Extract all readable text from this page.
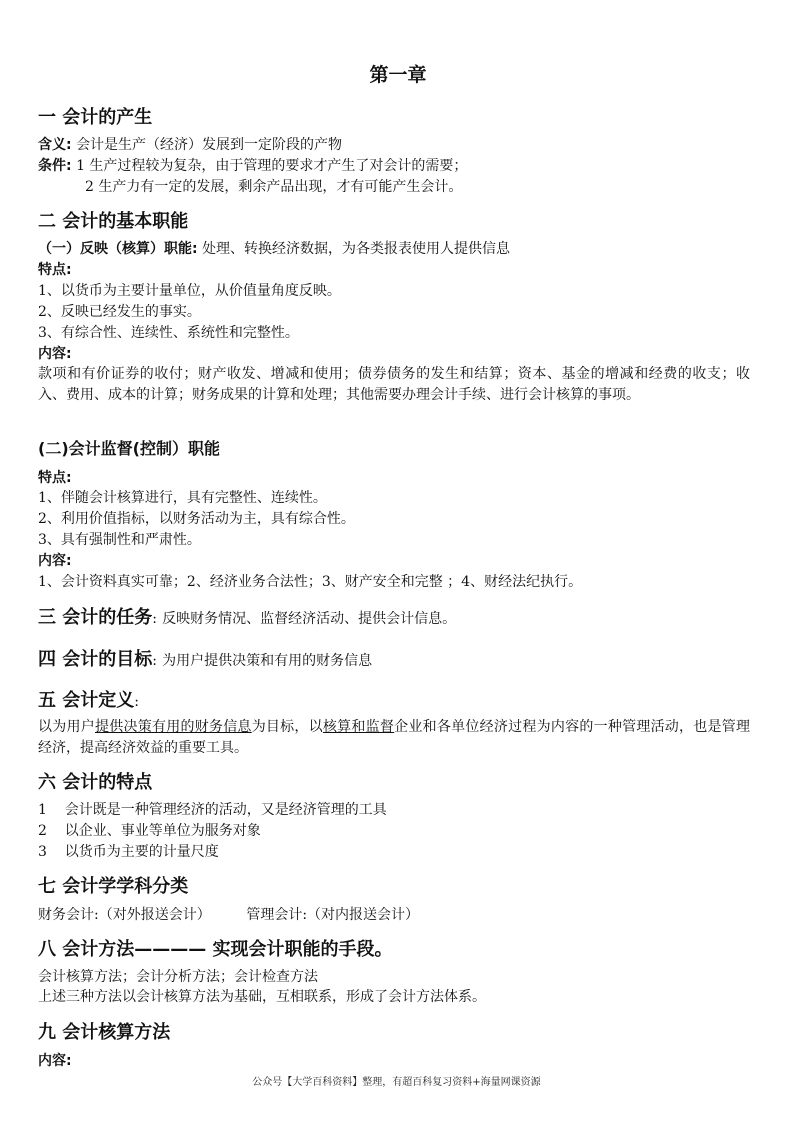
第一章
一 会计的产生
含义: 会计是生产（经济）发展到一定阶段的产物
条件: 1 生产过程较为复杂，由于管理的要求才产生了对会计的需要；
2 生产力有一定的发展，剩余产品出现，才有可能产生会计。
二 会计的基本职能
（一）反映（核算）职能: 处理、转换经济数据，为各类报表使用人提供信息
特点:
1、以货币为主要计量单位，从价值量角度反映。
2、反映已经发生的事实。
3、有综合性、连续性、系统性和完整性。
内容:
款项和有价证券的收付；财产收发、增减和使用；债券债务的发生和结算；资本、基金的增减和经费的收支；收入、费用、成本的计算；财务成果的计算和处理；其他需要办理会计手续、进行会计核算的事项。
(二)会计监督(控制）职能
特点:
1、伴随会计核算进行，具有完整性、连续性。
2、利用价值指标，以财务活动为主，具有综合性。
3、具有强制性和严肃性。
内容:
1、会计资料真实可靠；2、经济业务合法性；3、财产安全和完整 ；4、财经法纪执行。
三 会计的任务: 反映财务情况、监督经济活动、提供会计信息。
四 会计的目标: 为用户提供决策和有用的财务信息
五 会计定义:
以为用户提供决策有用的财务信息为目标，以核算和监督企业和各单位经济过程为内容的一种管理活动，也是管理经济，提高经济效益的重要工具。
六 会计的特点
1    会计既是一种管理经济的活动，又是经济管理的工具
2    以企业、事业等单位为服务对象
3    以货币为主要的计量尺度
七 会计学学科分类
财务会计:（对外报送会计）        管理会计:（对内报送会计）
八 会计方法———— 实现会计职能的手段。
会计核算方法；会计分析方法；会计检查方法
上述三种方法以会计核算方法为基础，互相联系，形成了会计方法体系。
九 会计核算方法
内容:
公众号【大学百科资料】整理，有超百科复习资料+海量网课资源
